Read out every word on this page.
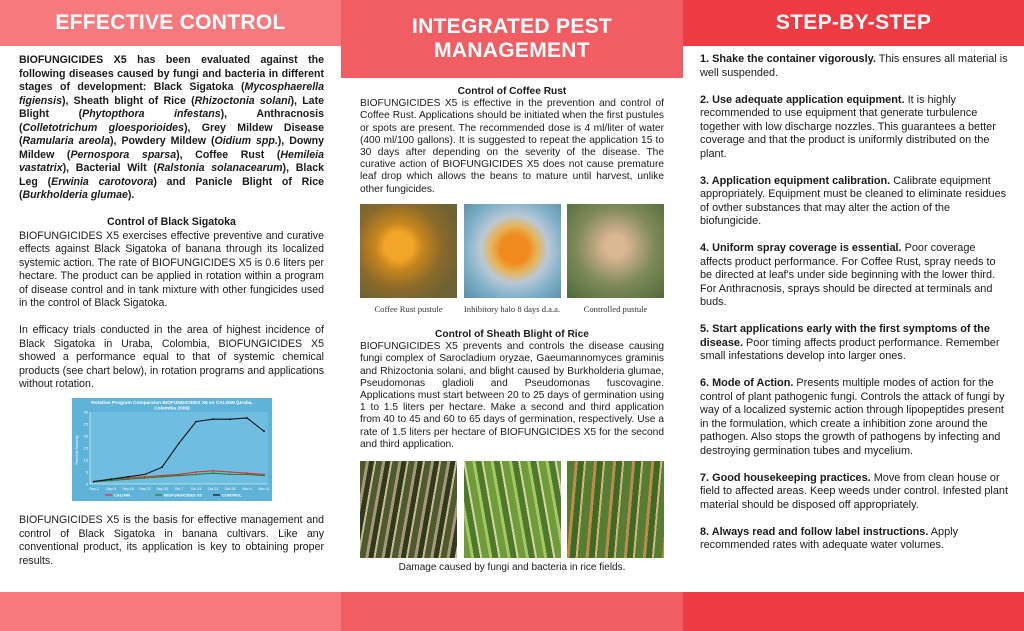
EFFECTIVE CONTROL

BIOFUNGICIDES X5 has been evaluated against the following diseases caused by fungi and bacteria in different stages of development: Black Sigatoka (Mycosphaerella figiensis), Sheath blight of Rice (Rhizoctonia solani), Late Blight (Phytopthora infestans), Anthracnosis (Colletotrichum gloesporioides), Grey Mildew Disease (Ramularia areola), Powdery Mildew (Oidium spp.), Downy Mildew (Pernospora sparsa), Coffee Rust (Hemileia vastatrix), Bacterial Wilt (Ralstonia solanacearum), Black Leg (Erwinia carotovora) and Panicle Blight of Rice (Burkholderia glumae).

Control of Black Sigatoka

BIOFUNGICIDES X5 exercises effective preventive and curative effects against Black Sigatoka of banana through its localized systemic action. The rate of BIOFUNGICIDES X5 is 0.6 liters per hectare. The product can be applied in rotation within a program of disease control and in tank mixture with other fungicides used in the control of Black Sigatoka.

In efficacy trials conducted in the area of highest incidence of Black Sigatoka in Uraba, Colombia, BIOFUNGICIDES X5 showed a performance equal to that of systemic chemical products (see chart below), in rotation programs and applications without rotation.

Rotation Program Comparsion BIOFUNGICIDES X5 vs CALIXIN (Uraba,
Colombia 2009)
Percent Severity
0
5
10
15
20
25
30
Sep-2 Sep-9 Sep-16 Sep-23 Sep-30 Oct-7 Oct-14 Oct-21 Oct-28 Nov-4 Nov-11
CALIXIN	BIOFUNGICIDES X5	CONTROL

BIOFUNGICIDES X5 is the basis for effective management and control of Black Sigatoka in banana cultivars. Like any conventional product, its application is key to obtaining proper results.

INTEGRATED PEST MANAGEMENT
Control of Coffee Rust

BIOFUNGICIDES X5 is effective in the prevention and control of Coffee Rust. Applications should be initiated when the first pustules or spots are present. The recommended dose is 4 ml/liter of water (400 ml/100 gallons). It is suggested to repeat the application 15 to 30 days after depending on the severity of the disease. The curative action of BIOFUNGICIDES X5 does not cause premature leaf drop which allows the beans to mature until harvest, unlike other fungicides.

Coffee Rust pustule	Inhibitory halo 8 days d.a.a.	Controlled pustule
Control of Sheath Blight of Rice

BIOFUNGICIDES X5 prevents and controls the disease causing fungi complex of Sarocladium oryzae, Gaeumannomyces graminis and Rhizoctonia solani, and blight caused by Burkholderia glumae, Pseudomonas gladioli and Pseudomonas fuscovagine. Applications must start between 20 to 25 days of germination using 1 to 1.5 liters per hectare. Make a second and third application from 40 to 45 and 60 to 65 days of germination, respectively. Use a rate of 1.5 liters per hectare of BIOFUNGICIDES X5 for the second and third application.

Damage caused by fungi and bacteria in rice fields.
STEP-BY-STEP

1. Shake the container vigorously. This ensures all material is well suspended.

2. Use adequate application equipment. It is highly recommended to use equipment that generate turbulence together with low discharge nozzles. This guarantees a better coverage and that the product is uniformly distributed on the plant.

3. Application equipment calibration. Calibrate equipment appropriately. Equipment must be cleaned to eliminate residues of ovther substances that may alter the action of the biofungicide.

4. Uniform spray coverage is essential. Poor coverage affects product performance. For Coffee Rust, spray needs to be directed at leaf's under side beginning with the lower third. For Anthracnosis, sprays should be directed at terminals and buds.

5. Start applications early with the first symptoms of the disease. Poor timing affects product performance. Remember small infestations develop into larger ones.

6. Mode of Action. Presents multiple modes of action for the control of plant pathogenic fungi. Controls the attack of fungi by way of a localized systemic action through lipopeptides present in the formulation, which create a inhibition zone around the pathogen. Also stops the growth of pathogens by infecting and destroying germination tubes and mycelium.

7. Good housekeeping practices. Move from clean house or field to affected areas. Keep weeds under control. Infested plant material should be disposed off appropriately.

8. Always read and follow label instructions. Apply recommended rates with adequate water volumes.
